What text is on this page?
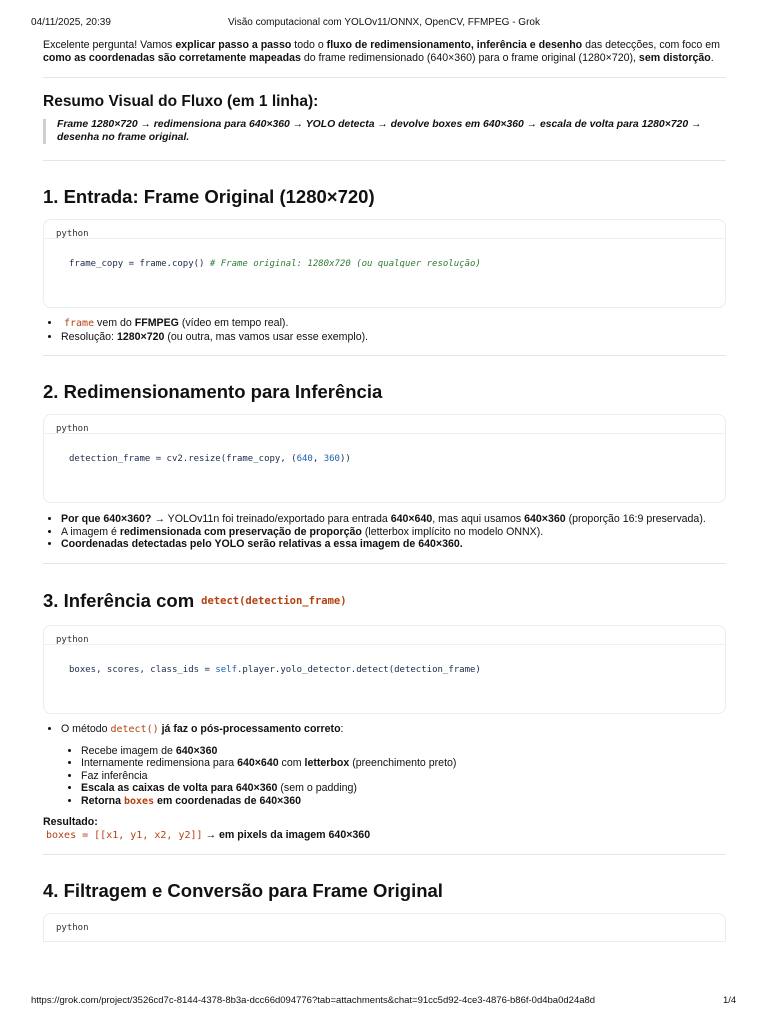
04/11/2025, 20:39	Visão computacional com YOLOv11/ONNX, OpenCV, FFMPEG - Grok

Excelente pergunta! Vamos explicar passo a passo todo o fluxo de redimensionamento, inferência e desenho das detecções, com foco em
como as coordenadas são corretamente mapeadas do frame redimensionado (640×360) para o frame original (1280×720), sem distorção.

Resumo Visual do Fluxo (em 1 linha):
Frame 1280×720 → redimensiona para 640×360 → YOLO detecta → devolve boxes em 640×360 → escala de volta para 1280×720 →
desenha no frame original.
1. Entrada: Frame Original (1280×720)
python
frame_copy = frame.copy() # Frame original: 1280x720 (ou qualquer resolução)
• frame vem do FFMPEG (vídeo em tempo real).
• Resolução: 1280×720 (ou outra, mas vamos usar esse exemplo).
2. Redimensionamento para Inferência
python
detection_frame = cv2.resize(frame_copy, (640, 360))
• Por que 640×360? → YOLOv11n foi treinado/exportado para entrada 640×640, mas aqui usamos 640×360 (proporção 16:9 preservada).
• A imagem é redimensionada com preservação de proporção (letterbox implícito no modelo ONNX).
• Coordenadas detectadas pelo YOLO serão relativas a essa imagem de 640×360.
3. Inferência com detect(detection_frame)
python
boxes, scores, class_ids = self.player.yolo_detector.detect(detection_frame)
• O método detect() já faz o pós-processamento correto:
• Recebe imagem de 640×360
• Internamente redimensiona para 640×640 com letterbox (preenchimento preto)
• Faz inferência
• Escala as caixas de volta para 640×360 (sem o padding)
• Retorna boxes em coordenadas de 640×360

Resultado:

boxes = [[x1, y1, x2, y2]] → em pixels da imagem 640×360

4. Filtragem e Conversão para Frame Original
python
https://grok.com/project/3526cd7c-8144-4378-8b3a-dcc66d094776?tab=attachments&chat=91cc5d92-4ce3-4876-b86f-0d4ba0d24a8d	1/4
